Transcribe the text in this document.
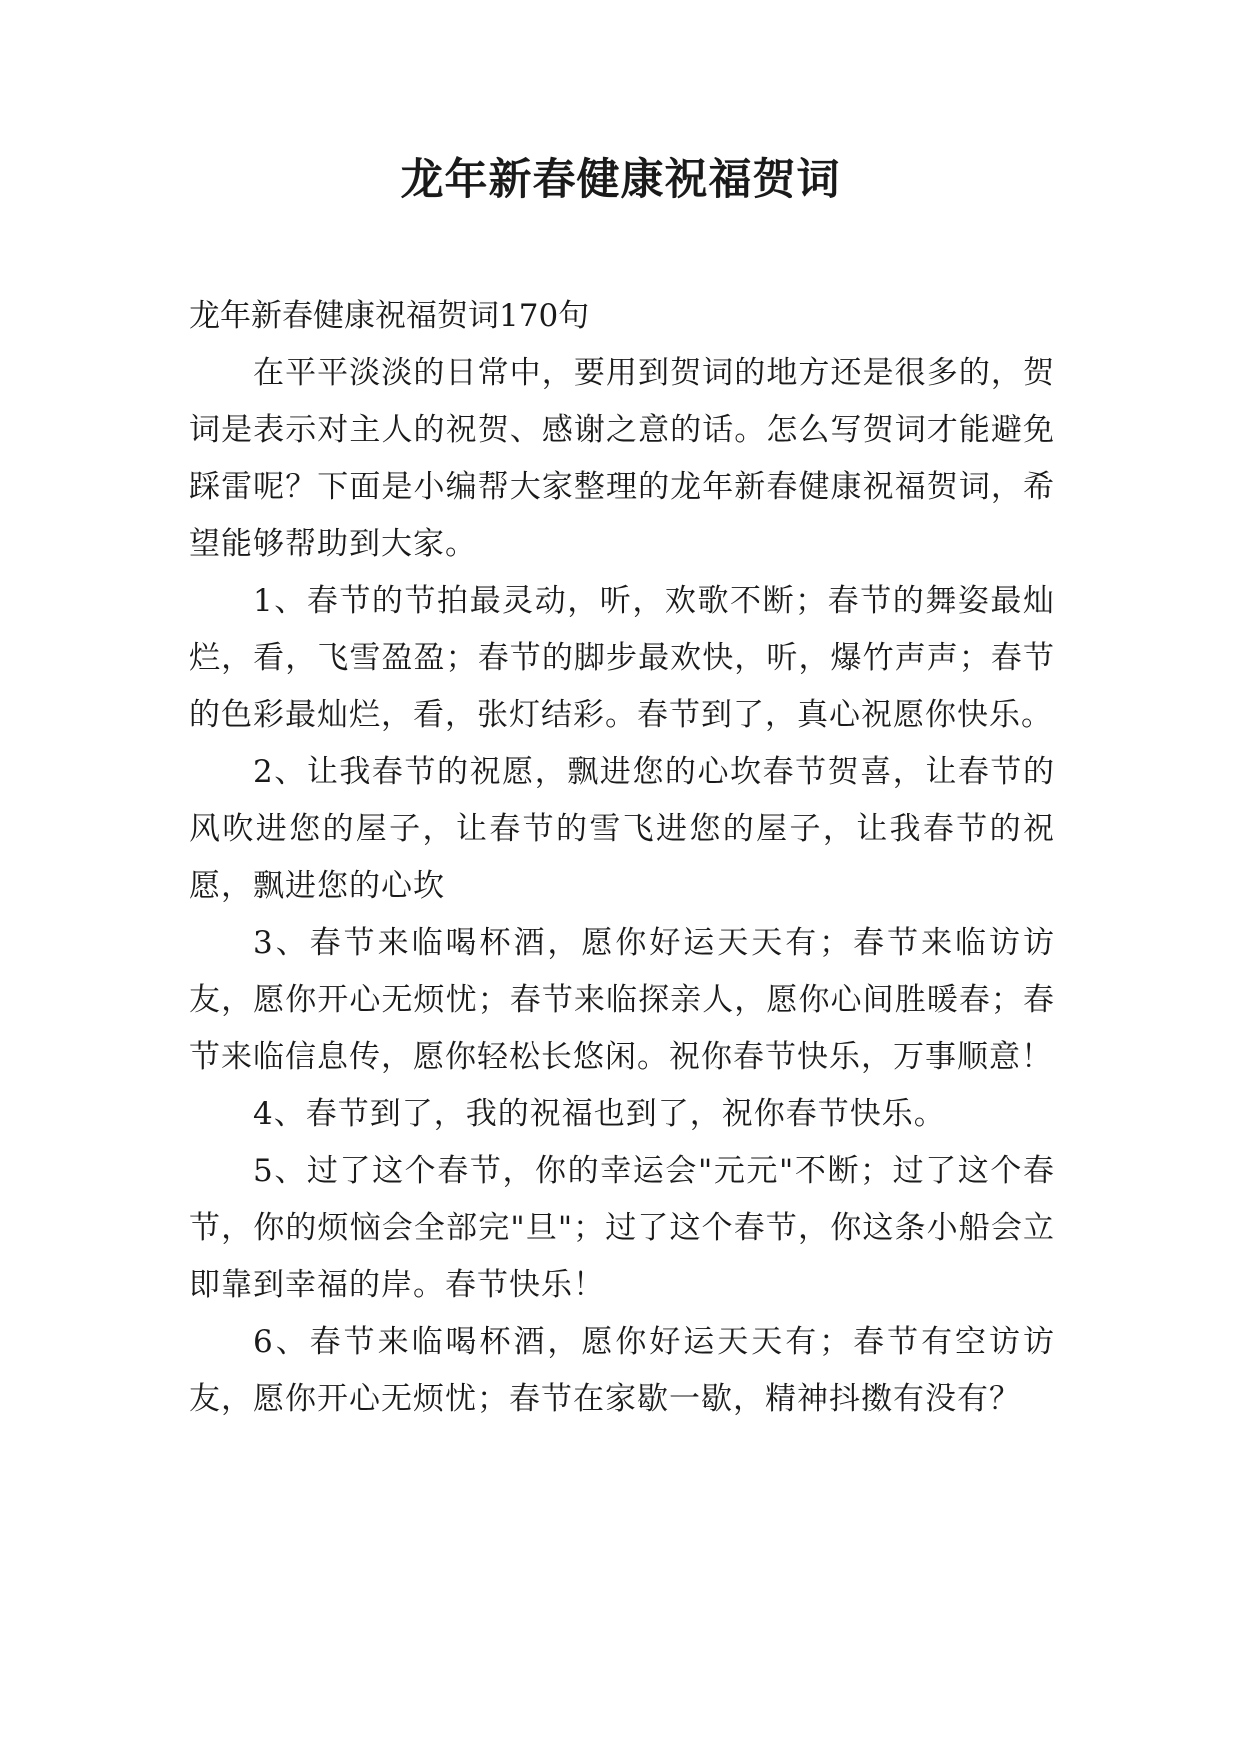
龙年新春健康祝福贺词

龙年新春健康祝福贺词170句

在平平淡淡的日常中，要用到贺词的地方还是很多的，贺词是表示对主人的祝贺、感谢之意的话。怎么写贺词才能避免踩雷呢？下面是小编帮大家整理的龙年新春健康祝福贺词，希望能够帮助到大家。

1、春节的节拍最灵动，听，欢歌不断；春节的舞姿最灿烂，看，飞雪盈盈；春节的脚步最欢快，听，爆竹声声；春节的色彩最灿烂，看，张灯结彩。春节到了，真心祝愿你快乐。

2、让我春节的祝愿，飘进您的心坎春节贺喜，让春节的风吹进您的屋子，让春节的雪飞进您的屋子，让我春节的祝愿，飘进您的心坎

3、春节来临喝杯酒，愿你好运天天有；春节来临访访友，愿你开心无烦忧；春节来临探亲人，愿你心间胜暖春；春节来临信息传，愿你轻松长悠闲。祝你春节快乐，万事顺意！

4、春节到了，我的祝福也到了，祝你春节快乐。

5、过了这个春节，你的幸运会"元元"不断；过了这个春节，你的烦恼会全部完"旦"；过了这个春节，你这条小船会立即靠到幸福的岸。春节快乐！

6、春节来临喝杯酒，愿你好运天天有；春节有空访访友，愿你开心无烦忧；春节在家歇一歇，精神抖擞有没有？
